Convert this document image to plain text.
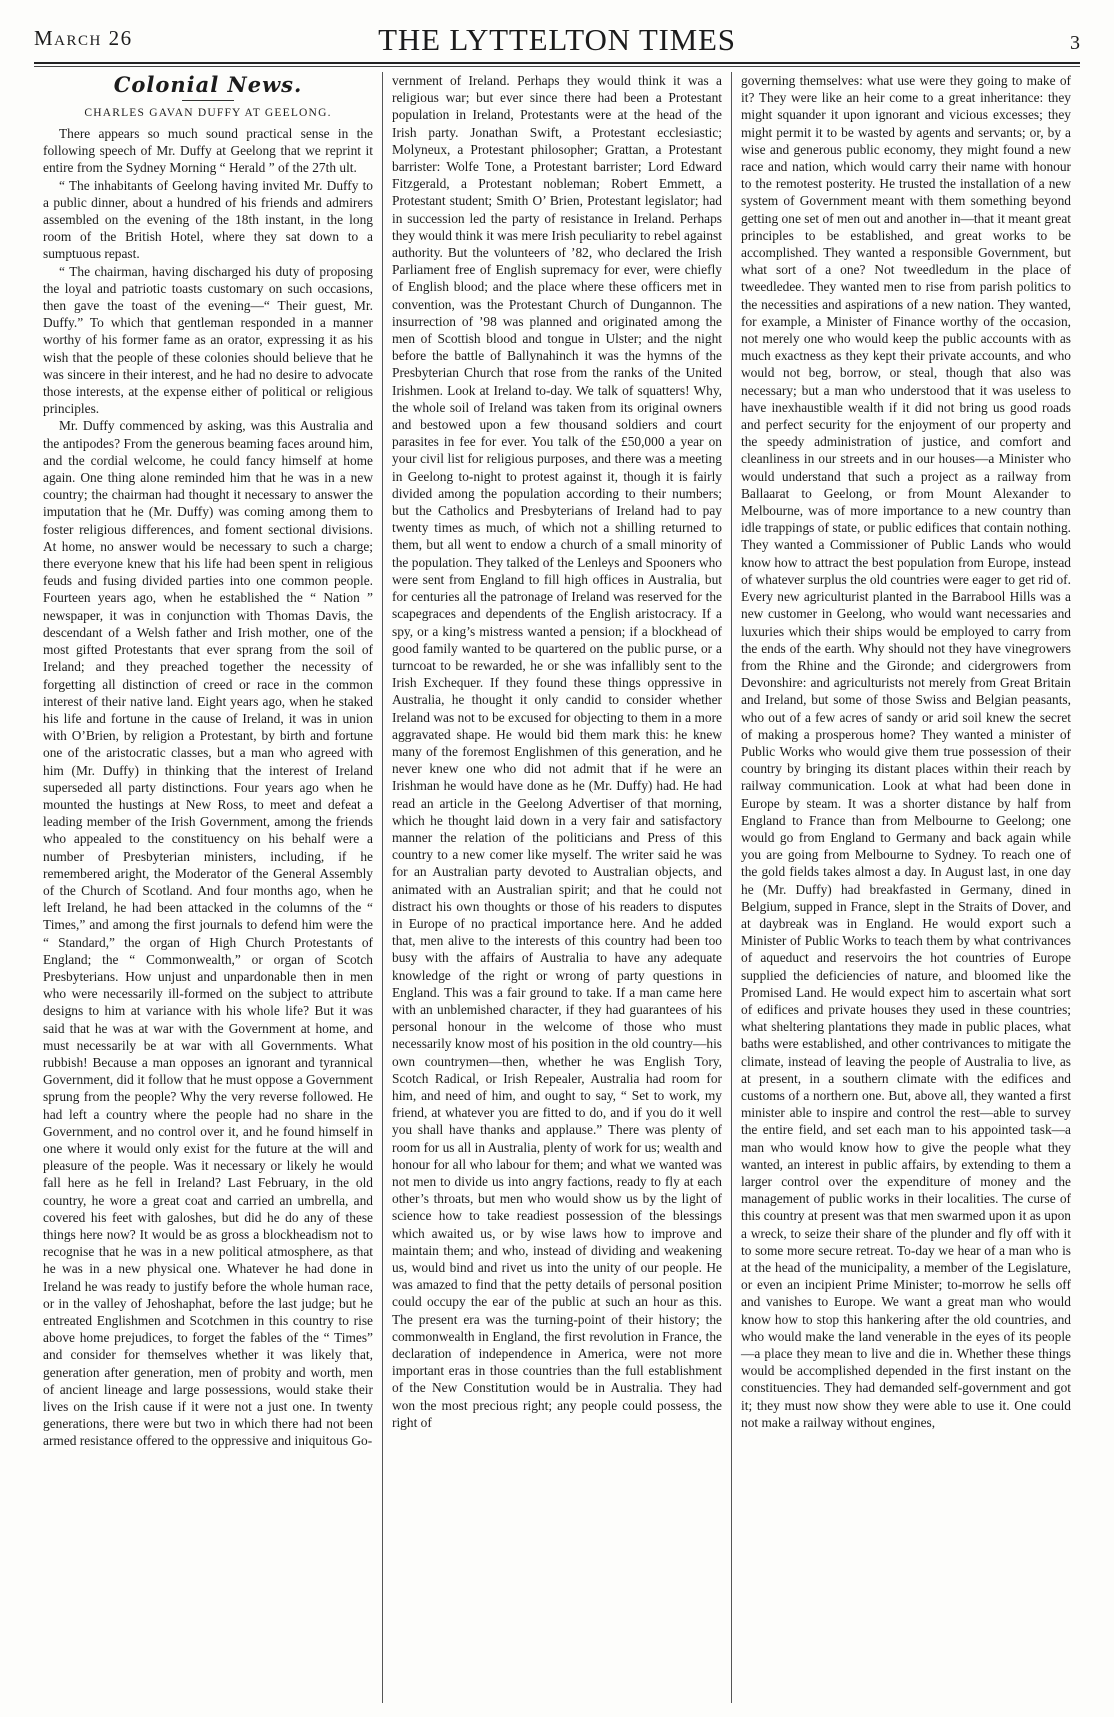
March 26	THE LYTTELTON TIMES	3
Colonial News.
CHARLES GAVAN DUFFY AT GEELONG.

There appears so much sound practical sense in the following speech of Mr. Duffy at Geelong that we reprint it entire from the Sydney Morning “ Herald ” of the 27th ult.

“ The inhabitants of Geelong having invited Mr. Duffy to a public dinner, about a hundred of his friends and admirers assembled on the evening of the 18th instant, in the long room of the British Hotel, where they sat down to a sumptuous repast.

“ The chairman, having discharged his duty of proposing the loyal and patriotic toasts customary on such occasions, then gave the toast of the evening—“ Their guest, Mr. Duffy.” To which that gentleman responded in a manner worthy of his former fame as an orator, expressing it as his wish that the people of these colonies should believe that he was sincere in their interest, and he had no desire to advocate those interests, at the expense either of political or religious principles.

Mr. Duffy commenced by asking, was this Australia and the antipodes? From the generous beaming faces around him, and the cordial welcome, he could fancy himself at home again. One thing alone reminded him that he was in a new country; the chairman had thought it necessary to answer the imputation that he (Mr. Duffy) was coming among them to foster religious differences, and foment sectional divisions. At home, no answer would be necessary to such a charge; there everyone knew that his life had been spent in religious feuds and fusing divided parties into one common people. Fourteen years ago, when he established the “ Nation ” newspaper, it was in conjunction with Thomas Davis, the descendant of a Welsh father and Irish mother, one of the most gifted Protestants that ever sprang from the soil of Ireland; and they preached together the necessity of forgetting all distinction of creed or race in the common interest of their native land. Eight years ago, when he staked his life and fortune in the cause of Ireland, it was in union with O’Brien, by religion a Protestant, by birth and fortune one of the aristocratic classes, but a man who agreed with him (Mr. Duffy) in thinking that the interest of Ireland superseded all party distinctions. Four years ago when he mounted the hustings at New Ross, to meet and defeat a leading member of the Irish Government, among the friends who appealed to the constituency on his behalf were a number of Presbyterian ministers, including, if he remembered aright, the Moderator of the General Assembly of the Church of Scotland. And four months ago, when he left Ireland, he had been attacked in the columns of the “ Times,” and among the first journals to defend him were the “ Standard,” the organ of High Church Protestants of England; the “ Commonwealth,” or organ of Scotch Presbyterians. How unjust and unpardonable then in men who were necessarily ill-formed on the subject to attribute designs to him at variance with his whole life? But it was said that he was at war with the Government at home, and must necessarily be at war with all Governments. What rubbish! Because a man opposes an ignorant and tyrannical Government, did it follow that he must oppose a Government sprung from the people? Why the very reverse followed. He had left a country where the people had no share in the Government, and no control over it, and he found himself in one where it would only exist for the future at the will and pleasure of the people. Was it necessary or likely he would fall here as he fell in Ireland? Last February, in the old country, he wore a great coat and carried an umbrella, and covered his feet with galoshes, but did he do any of these things here now? It would be as gross a blockheadism not to recognise that he was in a new political atmosphere, as that he was in a new physical one. Whatever he had done in Ireland he was ready to justify before the whole human race, or in the valley of Jehoshaphat, before the last judge; but he entreated Englishmen and Scotchmen in this country to rise above home prejudices, to forget the fables of the “ Times” and consider for themselves whether it was likely that, generation after generation, men of probity and worth, men of ancient lineage and large possessions, would stake their lives on the Irish cause if it were not a just one. In twenty generations, there were but two in which there had not been armed resistance offered to the oppressive and iniquitous Go-

vernment of Ireland. Perhaps they would think it was a religious war; but ever since there had been a Protestant population in Ireland, Protestants were at the head of the Irish party. Jonathan Swift, a Protestant ecclesiastic; Molyneux, a Protestant philosopher; Grattan, a Protestant barrister: Wolfe Tone, a Protestant barrister; Lord Edward Fitzgerald, a Protestant nobleman; Robert Emmett, a Protestant student; Smith O’ Brien, Protestant legislator; had in succession led the party of resistance in Ireland. Perhaps they would think it was mere Irish peculiarity to rebel against authority. But the volunteers of ’82, who declared the Irish Parliament free of English supremacy for ever, were chiefly of English blood; and the place where these officers met in convention, was the Protestant Church of Dungannon. The insurrection of ’98 was planned and originated among the men of Scottish blood and tongue in Ulster; and the night before the battle of Ballynahinch it was the hymns of the Presbyterian Church that rose from the ranks of the United Irishmen. Look at Ireland to-day. We talk of squatters! Why, the whole soil of Ireland was taken from its original owners and bestowed upon a few thousand soldiers and court parasites in fee for ever. You talk of the £50,000 a year on your civil list for religious purposes, and there was a meeting in Geelong to-night to protest against it, though it is fairly divided among the population according to their numbers; but the Catholics and Presbyterians of Ireland had to pay twenty times as much, of which not a shilling returned to them, but all went to endow a church of a small minority of the population. They talked of the Lenleys and Spooners who were sent from England to fill high offices in Australia, but for centuries all the patronage of Ireland was reserved for the scapegraces and dependents of the English aristocracy. If a spy, or a king’s mistress wanted a pension; if a blockhead of good family wanted to be quartered on the public purse, or a turncoat to be rewarded, he or she was infallibly sent to the Irish Exchequer. If they found these things oppressive in Australia, he thought it only candid to consider whether Ireland was not to be excused for objecting to them in a more aggravated shape. He would bid them mark this: he knew many of the foremost Englishmen of this generation, and he never knew one who did not admit that if he were an Irishman he would have done as he (Mr. Duffy) had. He had read an article in the Geelong Advertiser of that morning, which he thought laid down in a very fair and satisfactory manner the relation of the politicians and Press of this country to a new comer like myself. The writer said he was for an Australian party devoted to Australian objects, and animated with an Australian spirit; and that he could not distract his own thoughts or those of his readers to disputes in Europe of no practical importance here. And he added that, men alive to the interests of this country had been too busy with the affairs of Australia to have any adequate knowledge of the right or wrong of party questions in England. This was a fair ground to take. If a man came here with an unblemished character, if they had guarantees of his personal honour in the welcome of those who must necessarily know most of his position in the old country—his own countrymen—then, whether he was English Tory, Scotch Radical, or Irish Repealer, Australia had room for him, and need of him, and ought to say, “ Set to work, my friend, at whatever you are fitted to do, and if you do it well you shall have thanks and applause.” There was plenty of room for us all in Australia, plenty of work for us; wealth and honour for all who labour for them; and what we wanted was not men to divide us into angry factions, ready to fly at each other’s throats, but men who would show us by the light of science how to take readiest possession of the blessings which awaited us, or by wise laws how to improve and maintain them; and who, instead of dividing and weakening us, would bind and rivet us into the unity of our people. He was amazed to find that the petty details of personal position could occupy the ear of the public at such an hour as this. The present era was the turning-point of their history; the commonwealth in England, the first revolution in France, the declaration of independence in America, were not more important eras in those countries than the full establishment of the New Constitution would be in Australia. They had won the most precious right; any people could possess, the right of

governing themselves: what use were they going to make of it? They were like an heir come to a great inheritance: they might squander it upon ignorant and vicious excesses; they might permit it to be wasted by agents and servants; or, by a wise and generous public economy, they might found a new race and nation, which would carry their name with honour to the remotest posterity. He trusted the installation of a new system of Government meant with them something beyond getting one set of men out and another in—that it meant great principles to be established, and great works to be accomplished. They wanted a responsible Government, but what sort of a one? Not tweedledum in the place of tweedledee. They wanted men to rise from parish politics to the necessities and aspirations of a new nation. They wanted, for example, a Minister of Finance worthy of the occasion, not merely one who would keep the public accounts with as much exactness as they kept their private accounts, and who would not beg, borrow, or steal, though that also was necessary; but a man who understood that it was useless to have inexhaustible wealth if it did not bring us good roads and perfect security for the enjoyment of our property and the speedy administration of justice, and comfort and cleanliness in our streets and in our houses—a Minister who would understand that such a project as a railway from Ballaarat to Geelong, or from Mount Alexander to Melbourne, was of more importance to a new country than idle trappings of state, or public edifices that contain nothing. They wanted a Commissioner of Public Lands who would know how to attract the best population from Europe, instead of whatever surplus the old countries were eager to get rid of. Every new agriculturist planted in the Barrabool Hills was a new customer in Geelong, who would want necessaries and luxuries which their ships would be employed to carry from the ends of the earth. Why should not they have vinegrowers from the Rhine and the Gironde; and cidergrowers from Devonshire: and agriculturists not merely from Great Britain and Ireland, but some of those Swiss and Belgian peasants, who out of a few acres of sandy or arid soil knew the secret of making a prosperous home? They wanted a minister of Public Works who would give them true possession of their country by bringing its distant places within their reach by railway communication. Look at what had been done in Europe by steam. It was a shorter distance by half from England to France than from Melbourne to Geelong; one would go from England to Germany and back again while you are going from Melbourne to Sydney. To reach one of the gold fields takes almost a day. In August last, in one day he (Mr. Duffy) had breakfasted in Germany, dined in Belgium, supped in France, slept in the Straits of Dover, and at daybreak was in England. He would export such a Minister of Public Works to teach them by what contrivances of aqueduct and reservoirs the hot countries of Europe supplied the deficiencies of nature, and bloomed like the Promised Land. He would expect him to ascertain what sort of edifices and private houses they used in these countries; what sheltering plantations they made in public places, what baths were established, and other contrivances to mitigate the climate, instead of leaving the people of Australia to live, as at present, in a southern climate with the edifices and customs of a northern one. But, above all, they wanted a first minister able to inspire and control the rest—able to survey the entire field, and set each man to his appointed task—a man who would know how to give the people what they wanted, an interest in public affairs, by extending to them a larger control over the expenditure of money and the management of public works in their localities. The curse of this country at present was that men swarmed upon it as upon a wreck, to seize their share of the plunder and fly off with it to some more secure retreat. To-day we hear of a man who is at the head of the municipality, a member of the Legislature, or even an incipient Prime Minister; to-morrow he sells off and vanishes to Europe. We want a great man who would know how to stop this hankering after the old countries, and who would make the land venerable in the eyes of its people—a place they mean to live and die in. Whether these things would be accomplished depended in the first instant on the constituencies. They had demanded self-government and got it; they must now show they were able to use it. One could not make a railway without engines,
